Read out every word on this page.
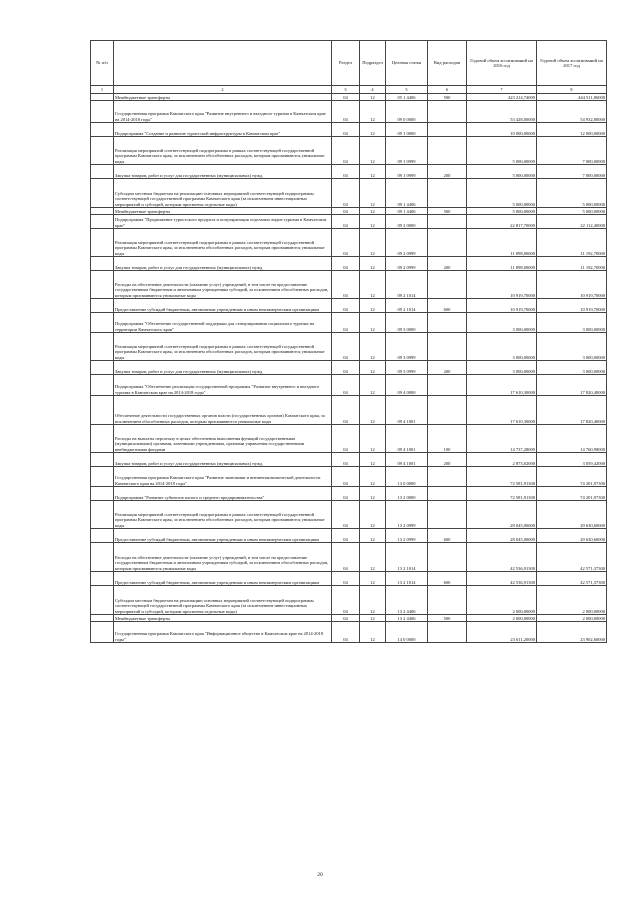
№ п/п		Раздел	Подраздел	Целевая статья	Вид расходов	Годовой объем ассигнований на 2016 год	Годовой объем ассигнований на 2017 год
1	2	3	4	5	6	7	8
	Межбюджетные трансферты	04	12	05 1 4406	500	423 214,74000	444 511,86000
	Государственная программа Камчатского края "Развитие внутреннего и въездного туризма в Камчатском крае на 2014-2018 годы"	04	12	09 0 0000		53 428,00000	54 932,80000
	Подпрограмма "Создание и развитие туристской инфраструктуры в Камчатском крае"	04	12	09 1 0000		10 000,00000	12 000,00000
	Реализация мероприятий соответствующей подпрограммы в рамках соответствующей государственной программы Камчатского края, за исключением обособленных расходов, которым присваиваются уникальные коды	04	12	09 1 0999		5 000,00000	7 000,00000
	Закупка товаров, работ и услуг для государственных (муниципальных) нужд	04	12	09 1 0999	200	5 000,00000	7 000,00000
	Субсидии местным бюджетам на реализацию основных мероприятий соответствующей подпрограммы соответствующей государственной программы Камчатского края (за исключением инвестиционных мероприятий и субсидий, которым присвоены отдельные коды)	04	12	09 1 4406		5 000,00000	5 000,00000
	Межбюджетные трансферты	04	12	09 1 4406	500	5 000,00000	5 000,00000
	Подпрограмма "Продвижение туристского продукта и популяризация отдельных видов туризма в Камчатском крае"	04	12	09 2 0000		22 817,70000	22 112,40000
	Реализация мероприятий соответствующей подпрограммы в рамках соответствующей государственной программы Камчатского края, за исключением обособленных расходов, которым присваиваются уникальные коды	04	12	09 2 0999		11 898,00000	11 192,70000
	Закупка товаров, работ и услуг для государственных (муниципальных) нужд	04	12	09 2 0999	200	11 898,00000	11 192,70000
	Расходы на обеспечение деятельности (оказание услуг) учреждений, в том числе на предоставление государственным бюджетным и автономным учреждениям субсидий, за исключением обособленных расходов, которым присваиваются уникальные коды	04	12	09 2 1014		10 919,70000	10 919,70000
	Предоставление субсидий бюджетным, автономным учреждениям и иным некоммерческим организациям	04	12	09 2 1014	600	10 919,70000	10 919,70000
	Подпрограмма "Обеспечение государственной поддержки для стимулирования социального туризма на территории Камчатского края"	04	12	09 3 0000		3 000,00000	3 000,00000
	Реализация мероприятий соответствующей подпрограммы в рамках соответствующей государственной программы Камчатского края, за исключением обособленных расходов, которым присваиваются уникальные коды	04	12	09 3 0999		3 000,00000	3 000,00000
	Закупка товаров, работ и услуг для государственных (муниципальных) нужд	04	12	09 3 0999	200	3 000,00000	3 000,00000
	Подпрограмма "Обеспечение реализации государственной программы "Развитие внутреннего и въездного туризма в Камчатском крае на 2014-2018 годы"	04	12	09 4 0000		17 610,30000	17 820,40000
	Обеспечение деятельности государственных органов власти (государственных органов) Камчатского края, за исключением обособленных расходов, которым присваиваются уникальные коды	04	12	09 4 1001		17 610,30000	17 820,40000
	Расходы на выплаты персоналу в целях обеспечения выполнения функций государственными (муниципальными) органами, казенными учреждениями, органами управления государственными внебюджетными фондами	04	12	09 4 1001	100	14 737,28000	14 760,98000
	Закупка товаров, работ и услуг для государственных (муниципальных) нужд	04	12	09 4 1001	200	2 873,02000	3 059,42000
	Государственная программа Камчатского края "Развитие экономики и внешнеэкономической деятельности Камчатского края на 2014-2018 годы"	04	12	13 0 0000		72 581,91300	74 201,97300
	Подпрограмма "Развитие субъектов малого и среднего предпринимательства"	04	12	13 2 0000		72 581,91300	74 201,97300
	Реализация мероприятий соответствующей подпрограммы в рамках соответствующей государственной программы Камчатского края, за исключением обособленных расходов, которым присваиваются уникальные коды	04	12	13 2 0999		28 045,00000	29 630,60000
	Предоставление субсидий бюджетным, автономным учреждениям и иным некоммерческим организациям	04	12	13 2 0999	600	28 045,00000	29 630,60000
	Расходы на обеспечение деятельности (оказание услуг) учреждений, в том числе на предоставление государственным бюджетным и автономным учреждениям субсидий, за исключением обособленных расходов, которым присваиваются уникальные коды	04	12	13 2 1014		42 536,91300	42 571,37300
	Предоставление субсидий бюджетным, автономным учреждениям и иным некоммерческим организациям	04	12	13 2 1014	600	42 536,91300	42 571,37300
	Субсидии местным бюджетам на реализацию основных мероприятий соответствующей подпрограммы соответствующей государственной программы Камчатского края (за исключением инвестиционных мероприятий и субсидий, которым присвоены отдельные коды)	04	12	13 2 4406		2 000,00000	2 000,00000
	Межбюджетные трансферты	04	12	13 2 4406	500	2 000,00000	2 000,00000
	Государственная программа Камчатского края "Информационное общество в Камчатском крае на 2014-2018 годы"	04	12	14 0 0000		23 611,20000	23 902,60000
20
